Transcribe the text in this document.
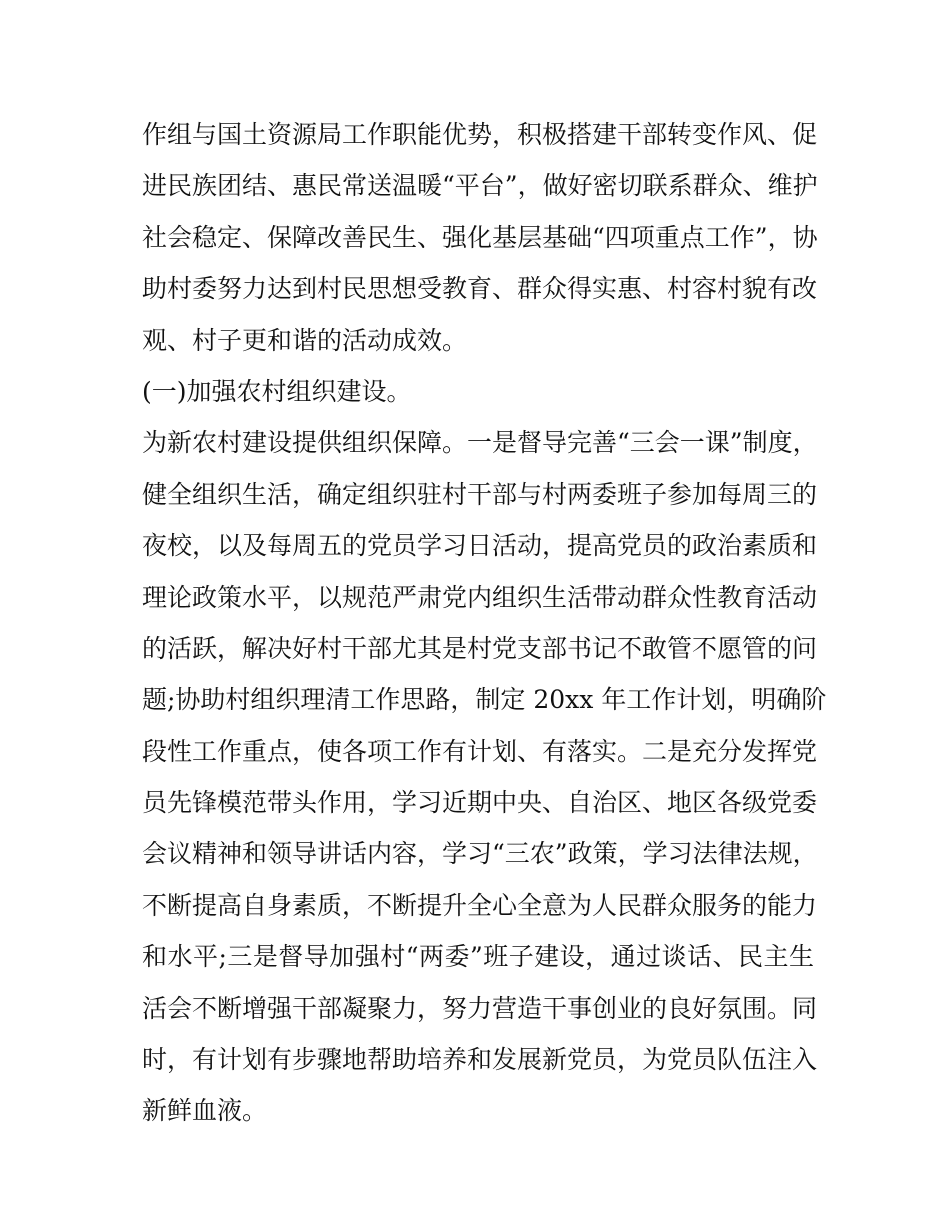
作组与国土资源局工作职能优势，积极搭建干部转变作风、促
进民族团结、惠民常送温暖“平台”，做好密切联系群众、维护
社会稳定、保障改善民生、强化基层基础“四项重点工作”，协
助村委努力达到村民思想受教育、群众得实惠、村容村貌有改
观、村子更和谐的活动成效。
(一)加强农村组织建设。
为新农村建设提供组织保障。一是督导完善“三会一课”制度，
健全组织生活，确定组织驻村干部与村两委班子参加每周三的
夜校，以及每周五的党员学习日活动，提高党员的政治素质和
理论政策水平，以规范严肃党内组织生活带动群众性教育活动
的活跃，解决好村干部尤其是村党支部书记不敢管不愿管的问
题;协助村组织理清工作思路，制定 20xx 年工作计划，明确阶
段性工作重点，使各项工作有计划、有落实。二是充分发挥党
员先锋模范带头作用，学习近期中央、自治区、地区各级党委
会议精神和领导讲话内容，学习“三农”政策，学习法律法规，
不断提高自身素质，不断提升全心全意为人民群众服务的能力
和水平;三是督导加强村“两委”班子建设，通过谈话、民主生
活会不断增强干部凝聚力，努力营造干事创业的良好氛围。同
时，有计划有步骤地帮助培养和发展新党员，为党员队伍注入
新鲜血液。
